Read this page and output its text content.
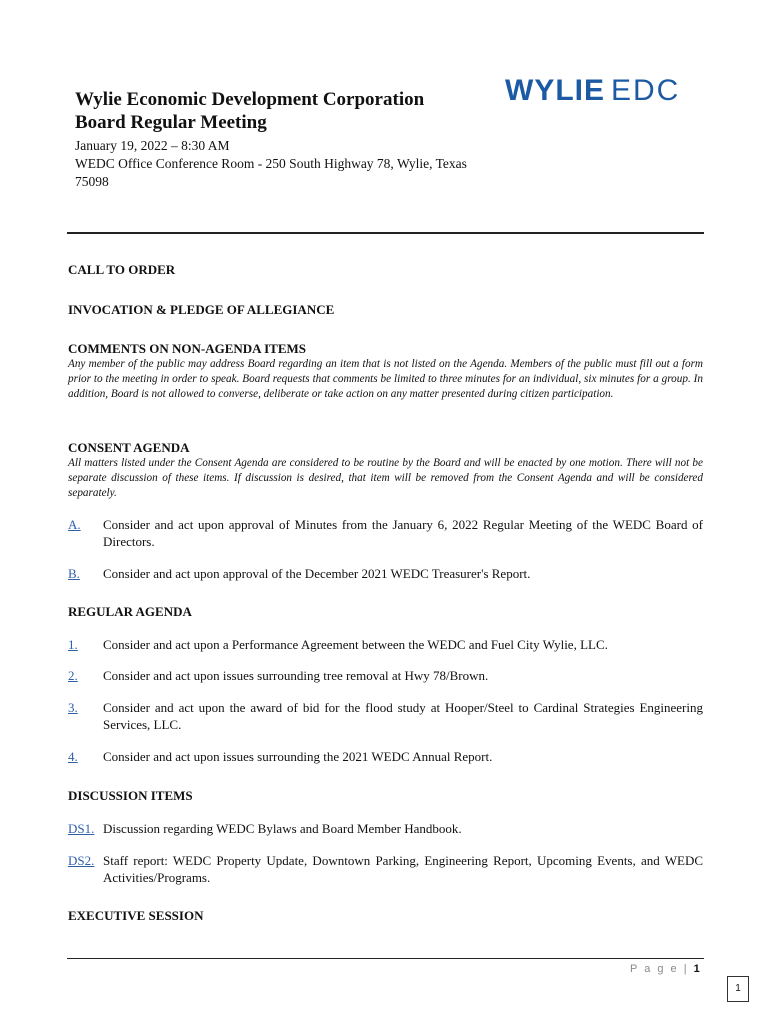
Wylie Economic Development Corporation
Board Regular Meeting
January 19, 2022 – 8:30 AM
WEDC Office Conference Room - 250 South Highway 78, Wylie, Texas
75098
WYLIE EDC
CALL TO ORDER
INVOCATION & PLEDGE OF ALLEGIANCE
COMMENTS ON NON-AGENDA ITEMS
Any member of the public may address Board regarding an item that is not listed on the Agenda. Members of the public must fill out a form prior to the meeting in order to speak. Board requests that comments be limited to three minutes for an individual, six minutes for a group. In addition, Board is not allowed to converse, deliberate or take action on any matter presented during citizen participation.
CONSENT AGENDA
All matters listed under the Consent Agenda are considered to be routine by the Board and will be enacted by one motion. There will not be separate discussion of these items. If discussion is desired, that item will be removed from the Consent Agenda and will be considered separately.
A. Consider and act upon approval of Minutes from the January 6, 2022 Regular Meeting of the WEDC Board of Directors.
B. Consider and act upon approval of the December 2021 WEDC Treasurer's Report.
REGULAR AGENDA
1. Consider and act upon a Performance Agreement between the WEDC and Fuel City Wylie, LLC.
2. Consider and act upon issues surrounding tree removal at Hwy 78/Brown.
3. Consider and act upon the award of bid for the flood study at Hooper/Steel to Cardinal Strategies Engineering Services, LLC.
4. Consider and act upon issues surrounding the 2021 WEDC Annual Report.
DISCUSSION ITEMS
DS1. Discussion regarding WEDC Bylaws and Board Member Handbook.
DS2. Staff report: WEDC Property Update, Downtown Parking, Engineering Report, Upcoming Events, and WEDC Activities/Programs.
EXECUTIVE SESSION
P a g e | 1
1
